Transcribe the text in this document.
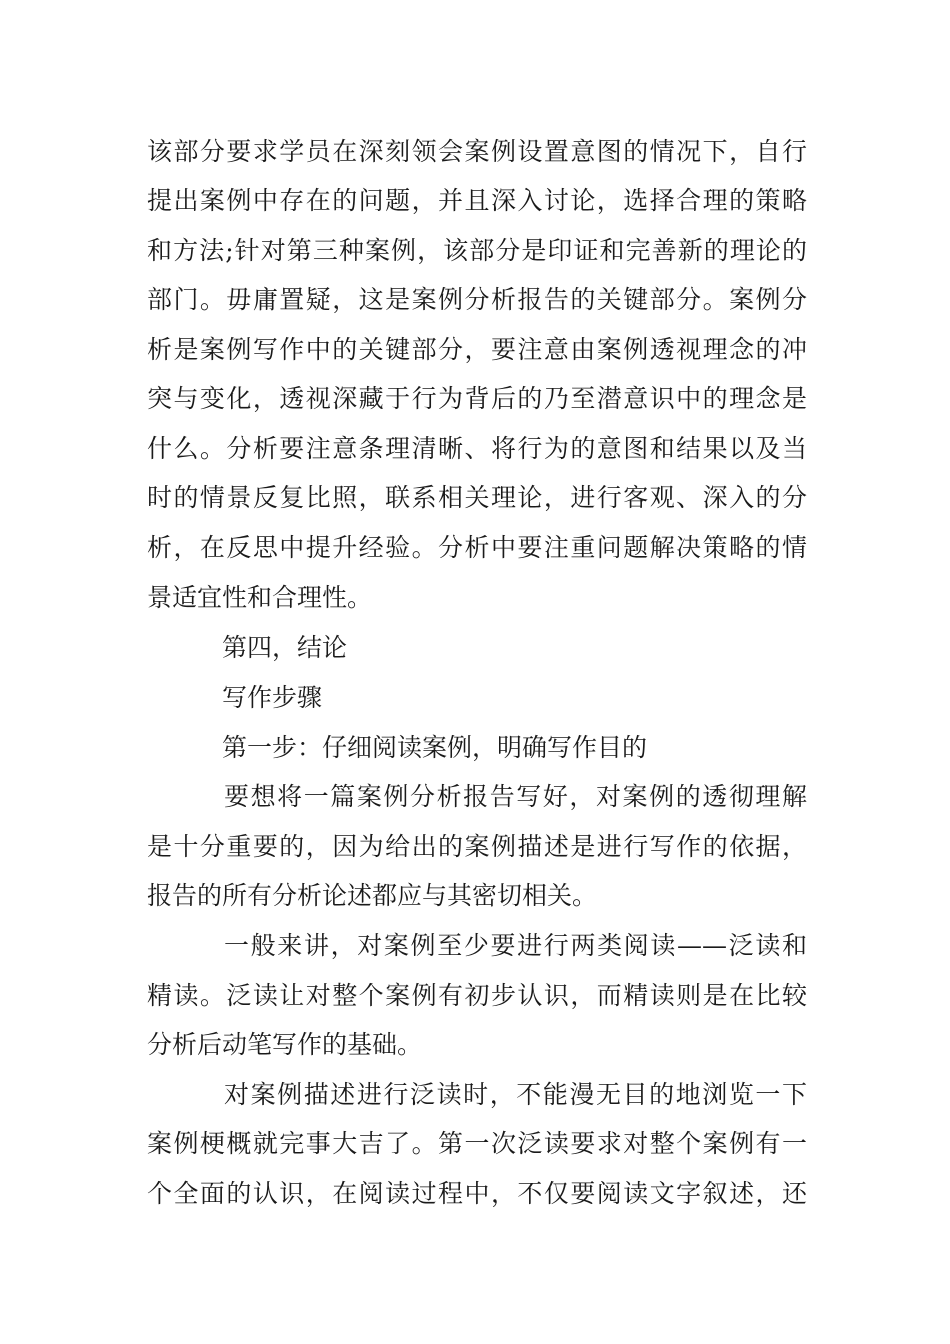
该部分要求学员在深刻领会案例设置意图的情况下，自行
提出案例中存在的问题，并且深入讨论，选择合理的策略
和方法;针对第三种案例，该部分是印证和完善新的理论的
部门。毋庸置疑，这是案例分析报告的关键部分。案例分
析是案例写作中的关键部分，要注意由案例透视理念的冲
突与变化，透视深藏于行为背后的乃至潜意识中的理念是
什么。分析要注意条理清晰、将行为的意图和结果以及当
时的情景反复比照，联系相关理论，进行客观、深入的分
析，在反思中提升经验。分析中要注重问题解决策略的情
景适宜性和合理性。
第四，结论
写作步骤
第一步：仔细阅读案例，明确写作目的
要想将一篇案例分析报告写好，对案例的透彻理解
是十分重要的，因为给出的案例描述是进行写作的依据，
报告的所有分析论述都应与其密切相关。
一般来讲，对案例至少要进行两类阅读——泛读和
精读。泛读让对整个案例有初步认识，而精读则是在比较
分析后动笔写作的基础。
对案例描述进行泛读时，不能漫无目的地浏览一下
案例梗概就完事大吉了。第一次泛读要求对整个案例有一
个全面的认识，在阅读过程中，不仅要阅读文字叙述，还
